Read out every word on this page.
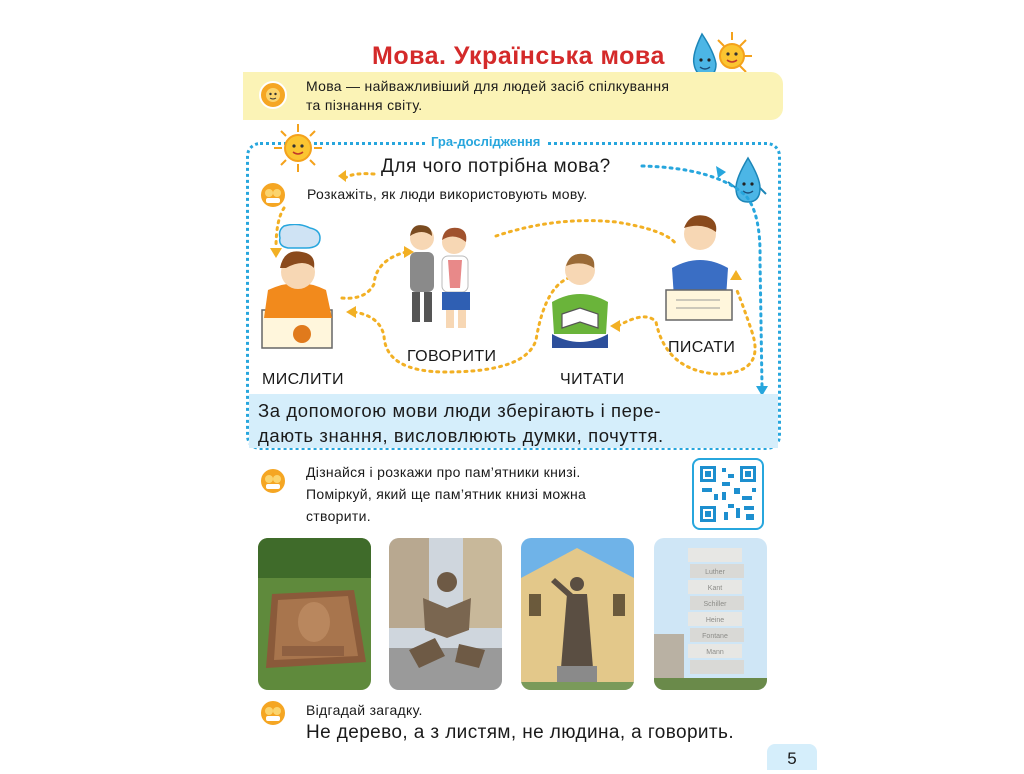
Мова. Українська мова
Мова — найважливіший для людей засіб спілкування
та пізнання світу.
Гра-дослідження
Для чого потрібна мова?
Розкажіть, як люди використовують мову.
МИСЛИТИ
ГОВОРИТИ
ЧИТАТИ
ПИСАТИ
За допомогою мови люди зберігають і пере-
дають знання, висловлюють думки, почуття.
Дізнайся і розкажи про пам’ятники книзі.
Поміркуй, який ще пам’ятник книзі можна
створити.
Luther
Kant
Schiller
Heine
Fontane
Mann
Відгадай загадку.
Не дерево, а з листям, не людина, а говорить.
5
